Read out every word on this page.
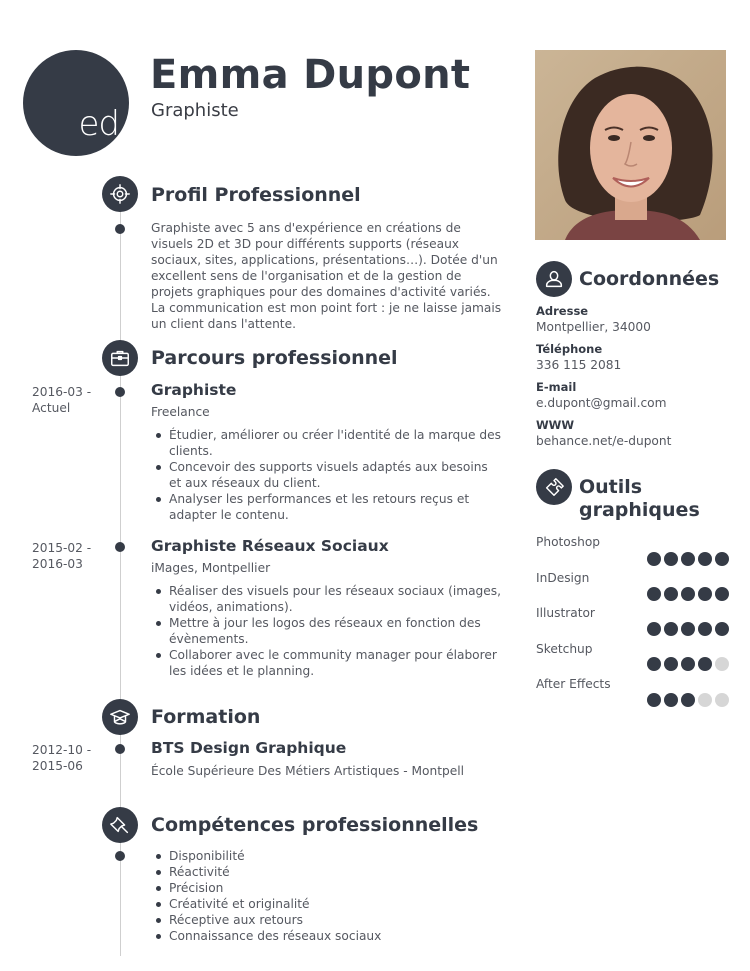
ed
Emma Dupont
Graphiste
Profil Professionnel
Graphiste avec 5 ans d'expérience en créations de visuels 2D et 3D pour différents supports (réseaux sociaux, sites, applications, présentations…). Dotée d'un excellent sens de l'organisation et de la gestion de projets graphiques pour des domaines d'activité variés. La communication est mon point fort : je ne laisse jamais un client dans l'attente.
Parcours professionnel
2016-03 -
Actuel
Graphiste
Freelance
Étudier, améliorer ou créer l'identité de la marque des clients.
Concevoir des supports visuels adaptés aux besoins et aux réseaux du client.
Analyser les performances et les retours reçus et adapter le contenu.
2015-02 -
2016-03
Graphiste Réseaux Sociaux
iMages, Montpellier
Réaliser des visuels pour les réseaux sociaux (images, vidéos, animations).
Mettre à jour les logos des réseaux en fonction des évènements.
Collaborer avec le community manager pour élaborer les idées et le planning.
Formation
2012-10 -
2015-06
BTS Design Graphique
École Supérieure Des Métiers Artistiques - Montpell
Compétences professionnelles
Disponibilité
Réactivité
Précision
Créativité et originalité
Réceptive aux retours
Connaissance des réseaux sociaux
Coordonnées
Adresse
Montpellier, 34000
Téléphone
336 115 2081
E-mail
e.dupont@gmail.com
WWW
behance.net/e-dupont
Outils
graphiques
Photoshop
InDesign
Illustrator
Sketchup
After Effects
